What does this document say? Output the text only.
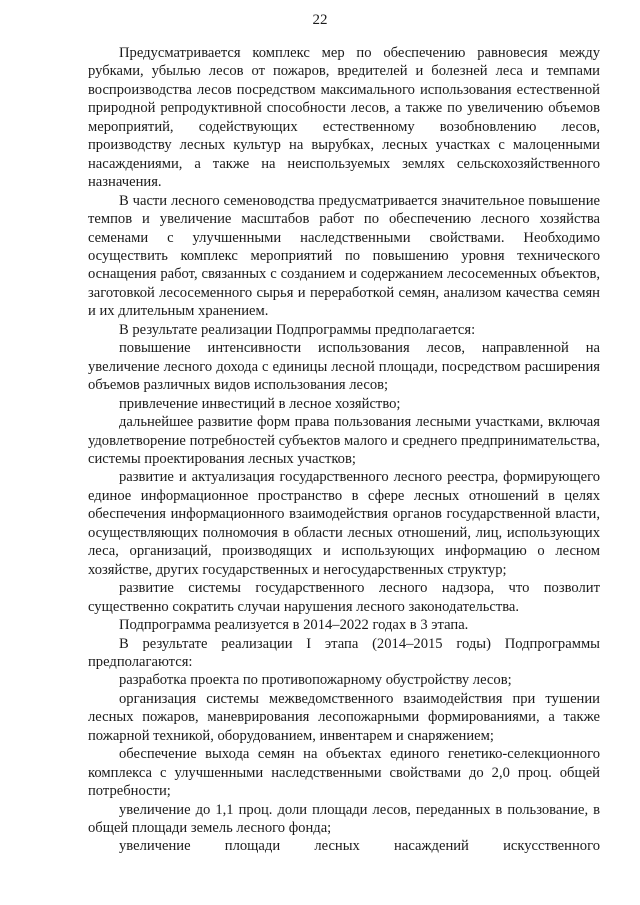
22

Предусматривается комплекс мер по обеспечению равновесия между рубками, убылью лесов от пожаров, вредителей и болезней леса и темпами воспроизводства лесов посредством максимального использования естественной природной репродуктивной способности лесов, а также по увеличению объемов мероприятий, содействующих естественному возобновлению лесов, производству лесных культур на вырубках, лесных участках с малоценными насаждениями, а также на неиспользуемых землях сельскохозяйственного назначения.

В части лесного семеноводства предусматривается значительное повышение темпов и увеличение масштабов работ по обеспечению лесного хозяйства семенами с улучшенными наследственными свойствами. Необходимо осуществить комплекс мероприятий по повышению уровня технического оснащения работ, связанных с созданием и содержанием лесосеменных объектов, заготовкой лесосеменного сырья и переработкой семян, анализом качества семян и их длительным хранением.

В результате реализации Подпрограммы предполагается:

повышение интенсивности использования лесов, направленной на увеличение лесного дохода с единицы лесной площади, посредством расширения объемов различных видов использования лесов;

привлечение инвестиций в лесное хозяйство;

дальнейшее развитие форм права пользования лесными участками, включая удовлетворение потребностей субъектов малого и среднего предпринимательства, системы проектирования лесных участков;

развитие и актуализация государственного лесного реестра, формирующего единое информационное пространство в сфере лесных отношений в целях обеспечения информационного взаимодействия органов государственной власти, осуществляющих полномочия в области лесных отношений, лиц, использующих леса, организаций, производящих и использующих информацию о лесном хозяйстве, других государственных и негосударственных структур;

развитие системы государственного лесного надзора, что позволит существенно сократить случаи нарушения лесного законодательства.

Подпрограмма реализуется в 2014–2022 годах в 3 этапа.

В результате реализации I этапа (2014–2015 годы) Подпрограммы предполагаются:

разработка проекта по противопожарному обустройству лесов;

организация системы межведомственного взаимодействия при тушении лесных пожаров, маневрирования лесопожарными формированиями, а также пожарной техникой, оборудованием, инвентарем и снаряжением;

обеспечение выхода семян на объектах единого генетико-селекционного комплекса с улучшенными наследственными свойствами до 2,0 проц. общей потребности;

увеличение до 1,1 проц. доли площади лесов, переданных в пользование, в общей площади земель лесного фонда;

увеличение площади лесных насаждений искусственного
